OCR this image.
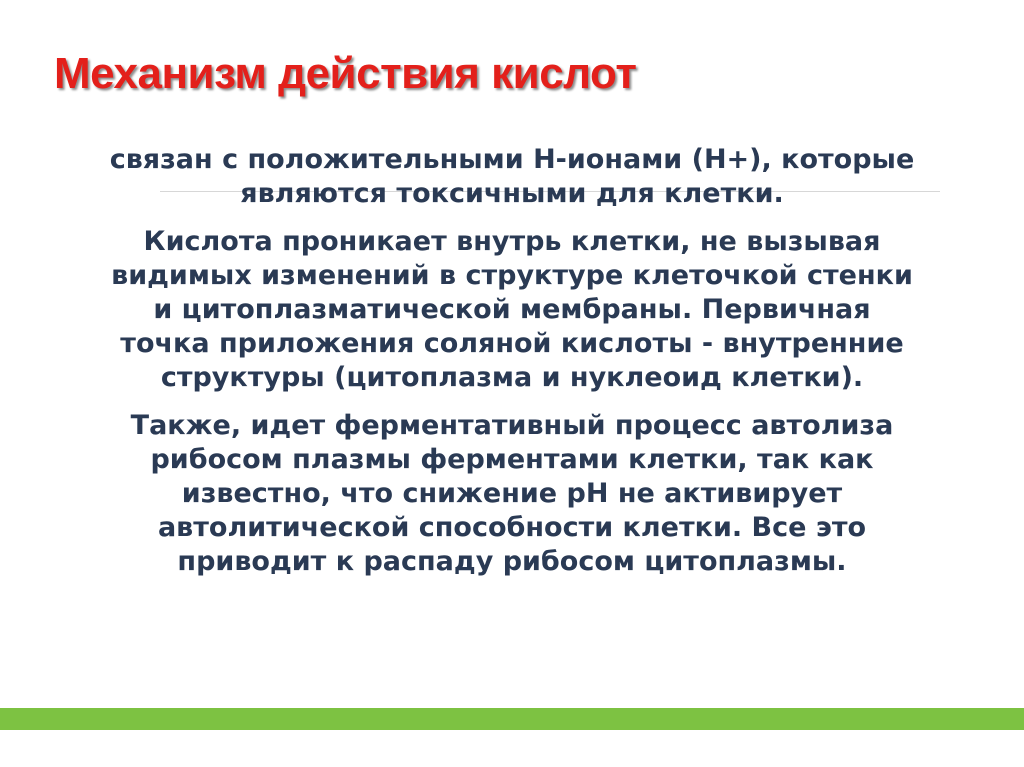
Механизм действия кислот

связан с положительными Н-ионами (Н+), которые
являются токсичными для клетки.

Кислота проникает внутрь клетки, не вызывая
видимых изменений в структуре клеточкой стенки
и цитоплазматической мембраны. Первичная
точка приложения соляной кислоты - внутренние
структуры (цитоплазма и нуклеоид клетки).

Также, идет ферментативный процесс автолиза
рибосом плазмы ферментами клетки, так как
известно, что снижение рН не активирует
автолитической способности клетки. Все это
приводит к распаду рибосом цитоплазмы.
